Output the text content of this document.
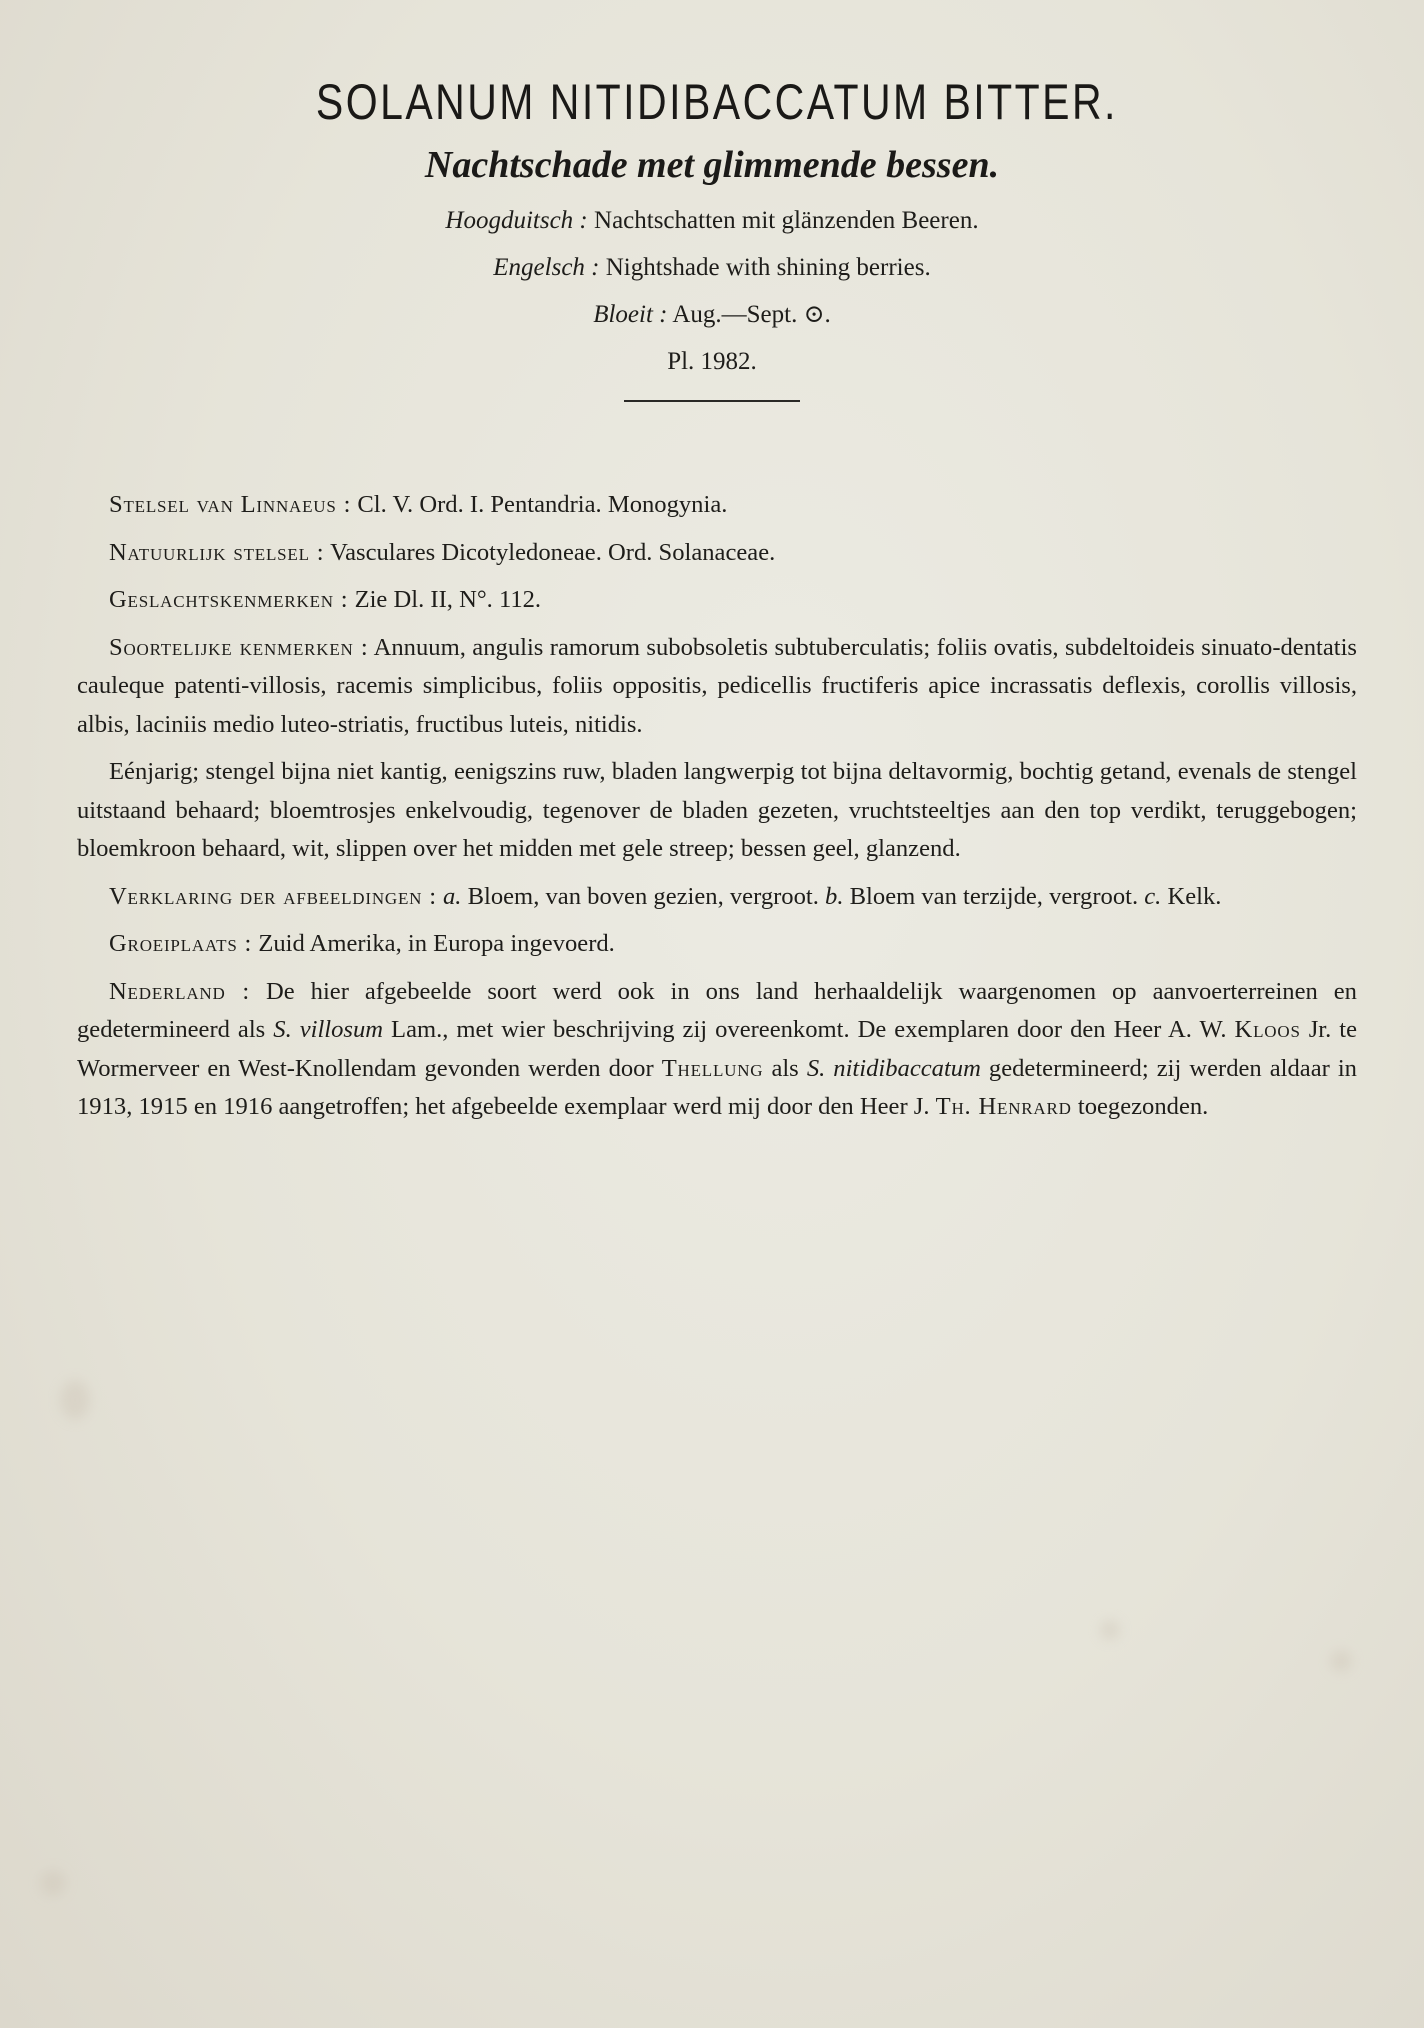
SOLANUM NITIDIBACCATUM BITTER.
Nachtschade met glimmende bessen.
Hoogduitsch : Nachtschatten mit glänzenden Beeren.
Engelsch : Nightshade with shining berries.
Bloeit : Aug.—Sept. ⊙.
Pl. 1982.

Stelsel van Linnaeus : Cl. V. Ord. I. Pentandria. Monogynia.

Natuurlijk stelsel : Vasculares Dicotyledoneae. Ord. Solanaceae.

Geslachtskenmerken : Zie Dl. II, N°. 112.

Soortelijke kenmerken : Annuum, angulis ramorum subobsoletis subtuberculatis; foliis ovatis, subdeltoideis sinuato-dentatis cauleque patenti-villosis, racemis simplicibus, foliis oppositis, pedicellis fructiferis apice incrassatis deflexis, corollis villosis, albis, laciniis medio luteo-striatis, fructibus luteis, nitidis.

Eénjarig; stengel bijna niet kantig, eenigszins ruw, bladen langwerpig tot bijna deltavormig, bochtig getand, evenals de stengel uitstaand behaard; bloemtrosjes enkelvoudig, tegenover de bladen gezeten, vruchtsteeltjes aan den top verdikt, teruggebogen; bloemkroon behaard, wit, slippen over het midden met gele streep; bessen geel, glanzend.

Verklaring der afbeeldingen : a. Bloem, van boven gezien, vergroot. b. Bloem van terzijde, vergroot. c. Kelk.

Groeiplaats : Zuid Amerika, in Europa ingevoerd.

Nederland : De hier afgebeelde soort werd ook in ons land herhaaldelijk waargenomen op aanvoerterreinen en gedetermineerd als S. villosum Lam., met wier beschrijving zij overeenkomt. De exemplaren door den Heer A. W. Kloos Jr. te Wormerveer en West-Knollendam gevonden werden door Thellung als S. nitidibaccatum gedetermineerd; zij werden aldaar in 1913, 1915 en 1916 aangetroffen; het afgebeelde exemplaar werd mij door den Heer J. Th. Henrard toegezonden.
